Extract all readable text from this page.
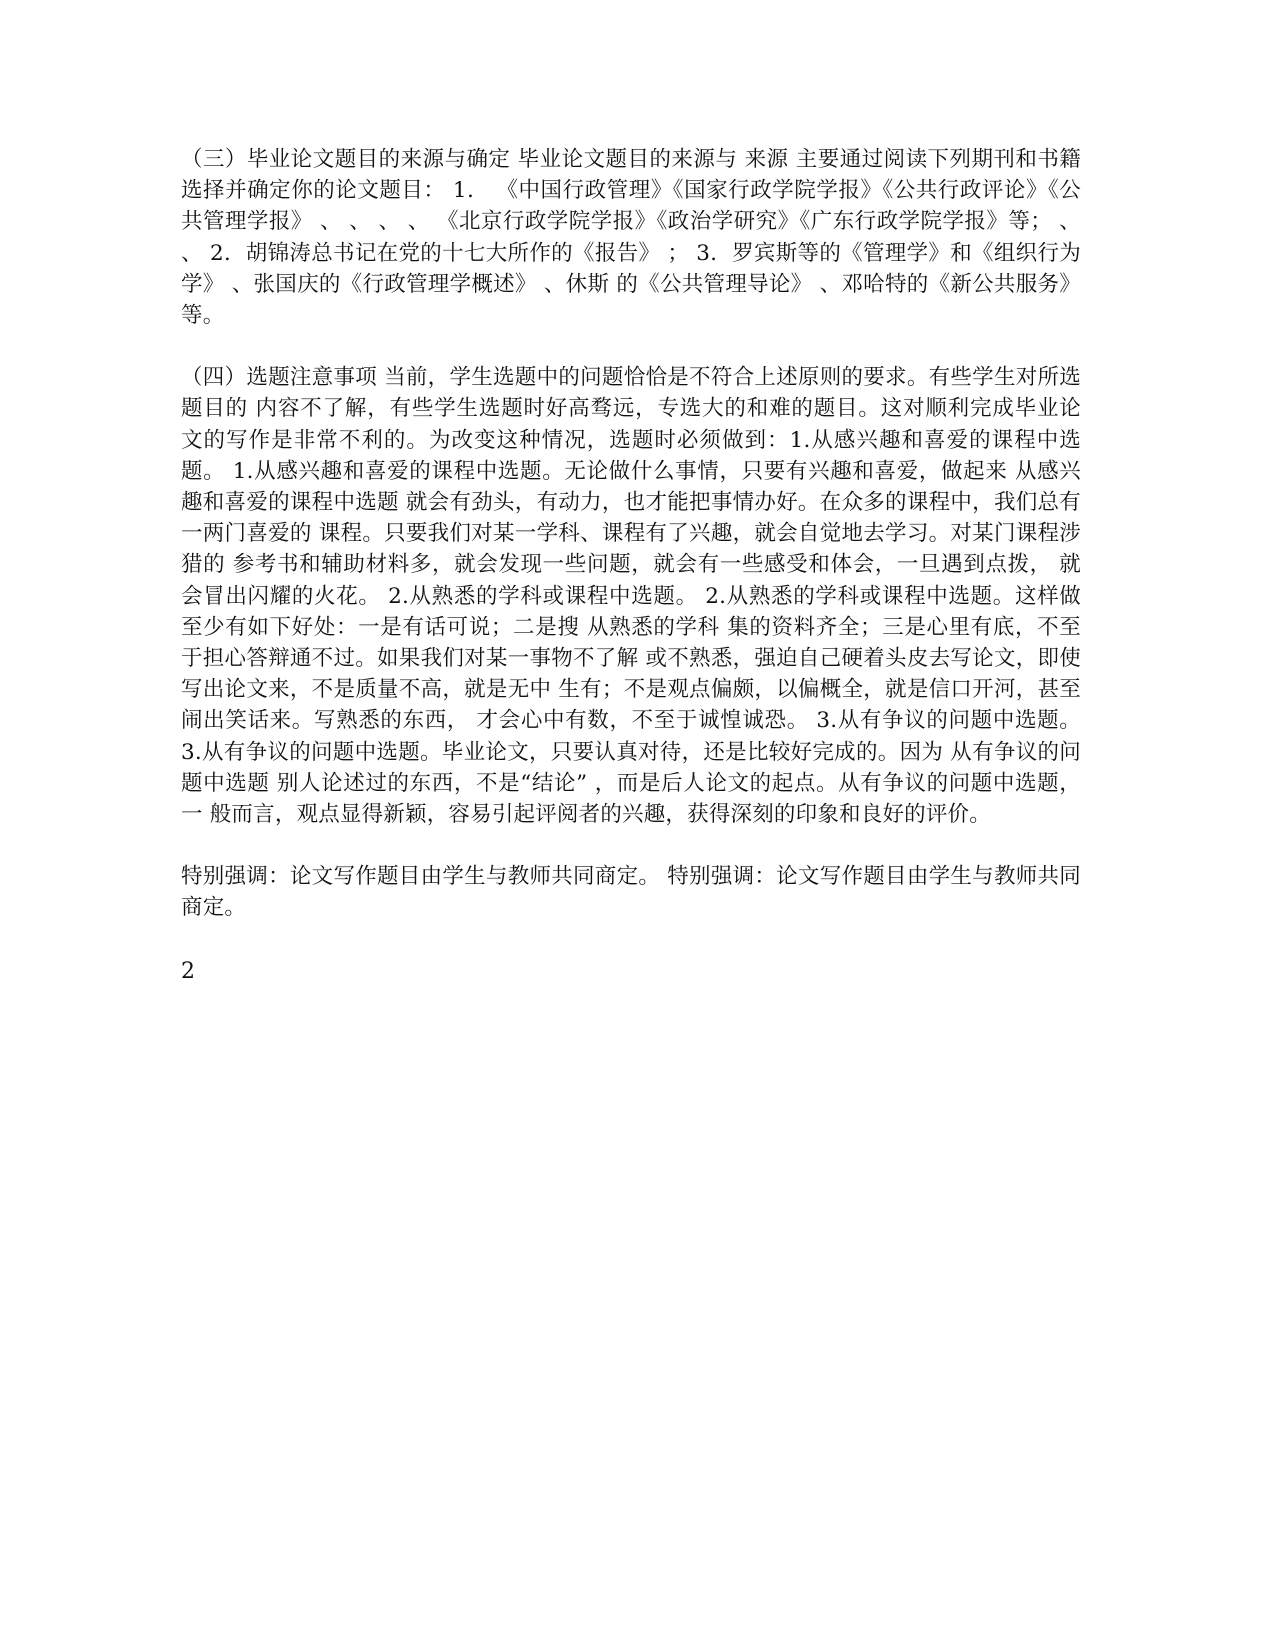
（三）毕业论文题目的来源与确定 毕业论文题目的来源与 来源 主要通过阅读下列期刊和书籍选择并确定你的论文题目： 1． 《中国行政管理》《国家行政学院学报》《公共行政评论》《公共管理学报》 、 、 、 、 《北京行政学院学报》《政治学研究》《广东行政学院学报》等； 、 、 2．胡锦涛总书记在党的十七大所作的《报告》 ； 3．罗宾斯等的《管理学》和《组织行为学》 、张国庆的《行政管理学概述》 、休斯 的《公共管理导论》 、邓哈特的《新公共服务》等。

（四）选题注意事项 当前，学生选题中的问题恰恰是不符合上述原则的要求。有些学生对所选题目的 内容不了解，有些学生选题时好高骛远，专选大的和难的题目。这对顺利完成毕业论 文的写作是非常不利的。为改变这种情况，选题时必须做到：1.从感兴趣和喜爱的课程中选题。 1.从感兴趣和喜爱的课程中选题。无论做什么事情，只要有兴趣和喜爱，做起来 从感兴趣和喜爱的课程中选题 就会有劲头，有动力，也才能把事情办好。在众多的课程中，我们总有一两门喜爱的 课程。只要我们对某一学科、课程有了兴趣，就会自觉地去学习。对某门课程涉猎的 参考书和辅助材料多，就会发现一些问题，就会有一些感受和体会，一旦遇到点拨， 就会冒出闪耀的火花。 2.从熟悉的学科或课程中选题。 2.从熟悉的学科或课程中选题。这样做至少有如下好处：一是有话可说；二是搜 从熟悉的学科 集的资料齐全；三是心里有底，不至于担心答辩通不过。如果我们对某一事物不了解 或不熟悉，强迫自己硬着头皮去写论文，即使写出论文来，不是质量不高，就是无中 生有；不是观点偏颇，以偏概全，就是信口开河，甚至闹出笑话来。写熟悉的东西， 才会心中有数，不至于诚惶诚恐。 3.从有争议的问题中选题。 3.从有争议的问题中选题。毕业论文，只要认真对待，还是比较好完成的。因为 从有争议的问题中选题 别人论述过的东西，不是“结论” ，而是后人论文的起点。从有争议的问题中选题，一 般而言，观点显得新颖，容易引起评阅者的兴趣，获得深刻的印象和良好的评价。

特别强调：论文写作题目由学生与教师共同商定。 特别强调：论文写作题目由学生与教师共同商定。

2
